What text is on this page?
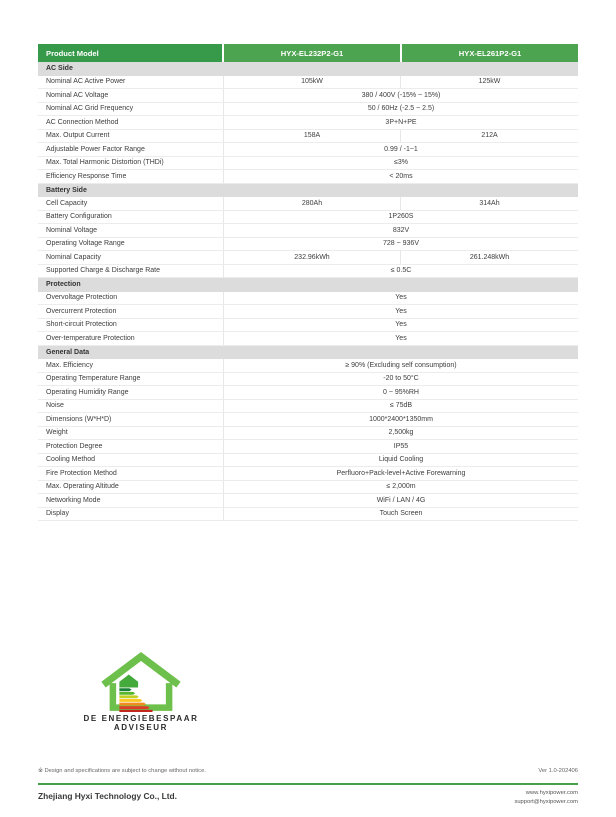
Product Model	HYX-EL232P2-G1	HYX-EL261P2-G1
AC Side
Nominal AC Active Power	105kW	125kW
Nominal AC Voltage	380 / 400V (-15% ~ 15%)
Nominal AC Grid Frequency	50 / 60Hz (-2.5 ~ 2.5)
AC Connection Method	3P+N+PE
Max. Output Current	158A	212A
Adjustable Power Factor Range	0.99 / -1~1
Max. Total Harmonic Distortion (THDi)	≤3%
Efficiency Response Time	< 20ms
Battery Side
Cell Capacity	280Ah	314Ah
Battery Configuration	1P260S
Nominal Voltage	832V
Operating Voltage Range	728 ~ 936V
Nominal Capacity	232.96kWh	261.248kWh
Supported Charge & Discharge Rate	≤ 0.5C
Protection
Overvoltage Protection	Yes
Overcurrent Protection	Yes
Short-circuit Protection	Yes
Over-temperature Protection	Yes
General Data
Max. Efficiency	≥ 90% (Excluding self consumption)
Operating Temperature Range	-20 to 50°C
Operating Humidity Range	0 ~ 95%RH
Noise	≤ 75dB
Dimensions (W*H*D)	1000*2400*1350mm
Weight	2,500kg
Protection Degree	IP55
Cooling Method	Liquid Cooling
Fire Protection Method	Perfluoro+Pack-level+Active Forewarning
Max. Operating Altitude	≤ 2,000m
Networking Mode	WiFi / LAN / 4G
Display	Touch Screen
DE ENERGIEBESPAAR
ADVISEUR
※ Design and specifications are subject to change without notice.	Ver 1.0-202406
Zhejiang Hyxi Technology Co., Ltd.	www.hyxipower.com
support@hyxipower.com
